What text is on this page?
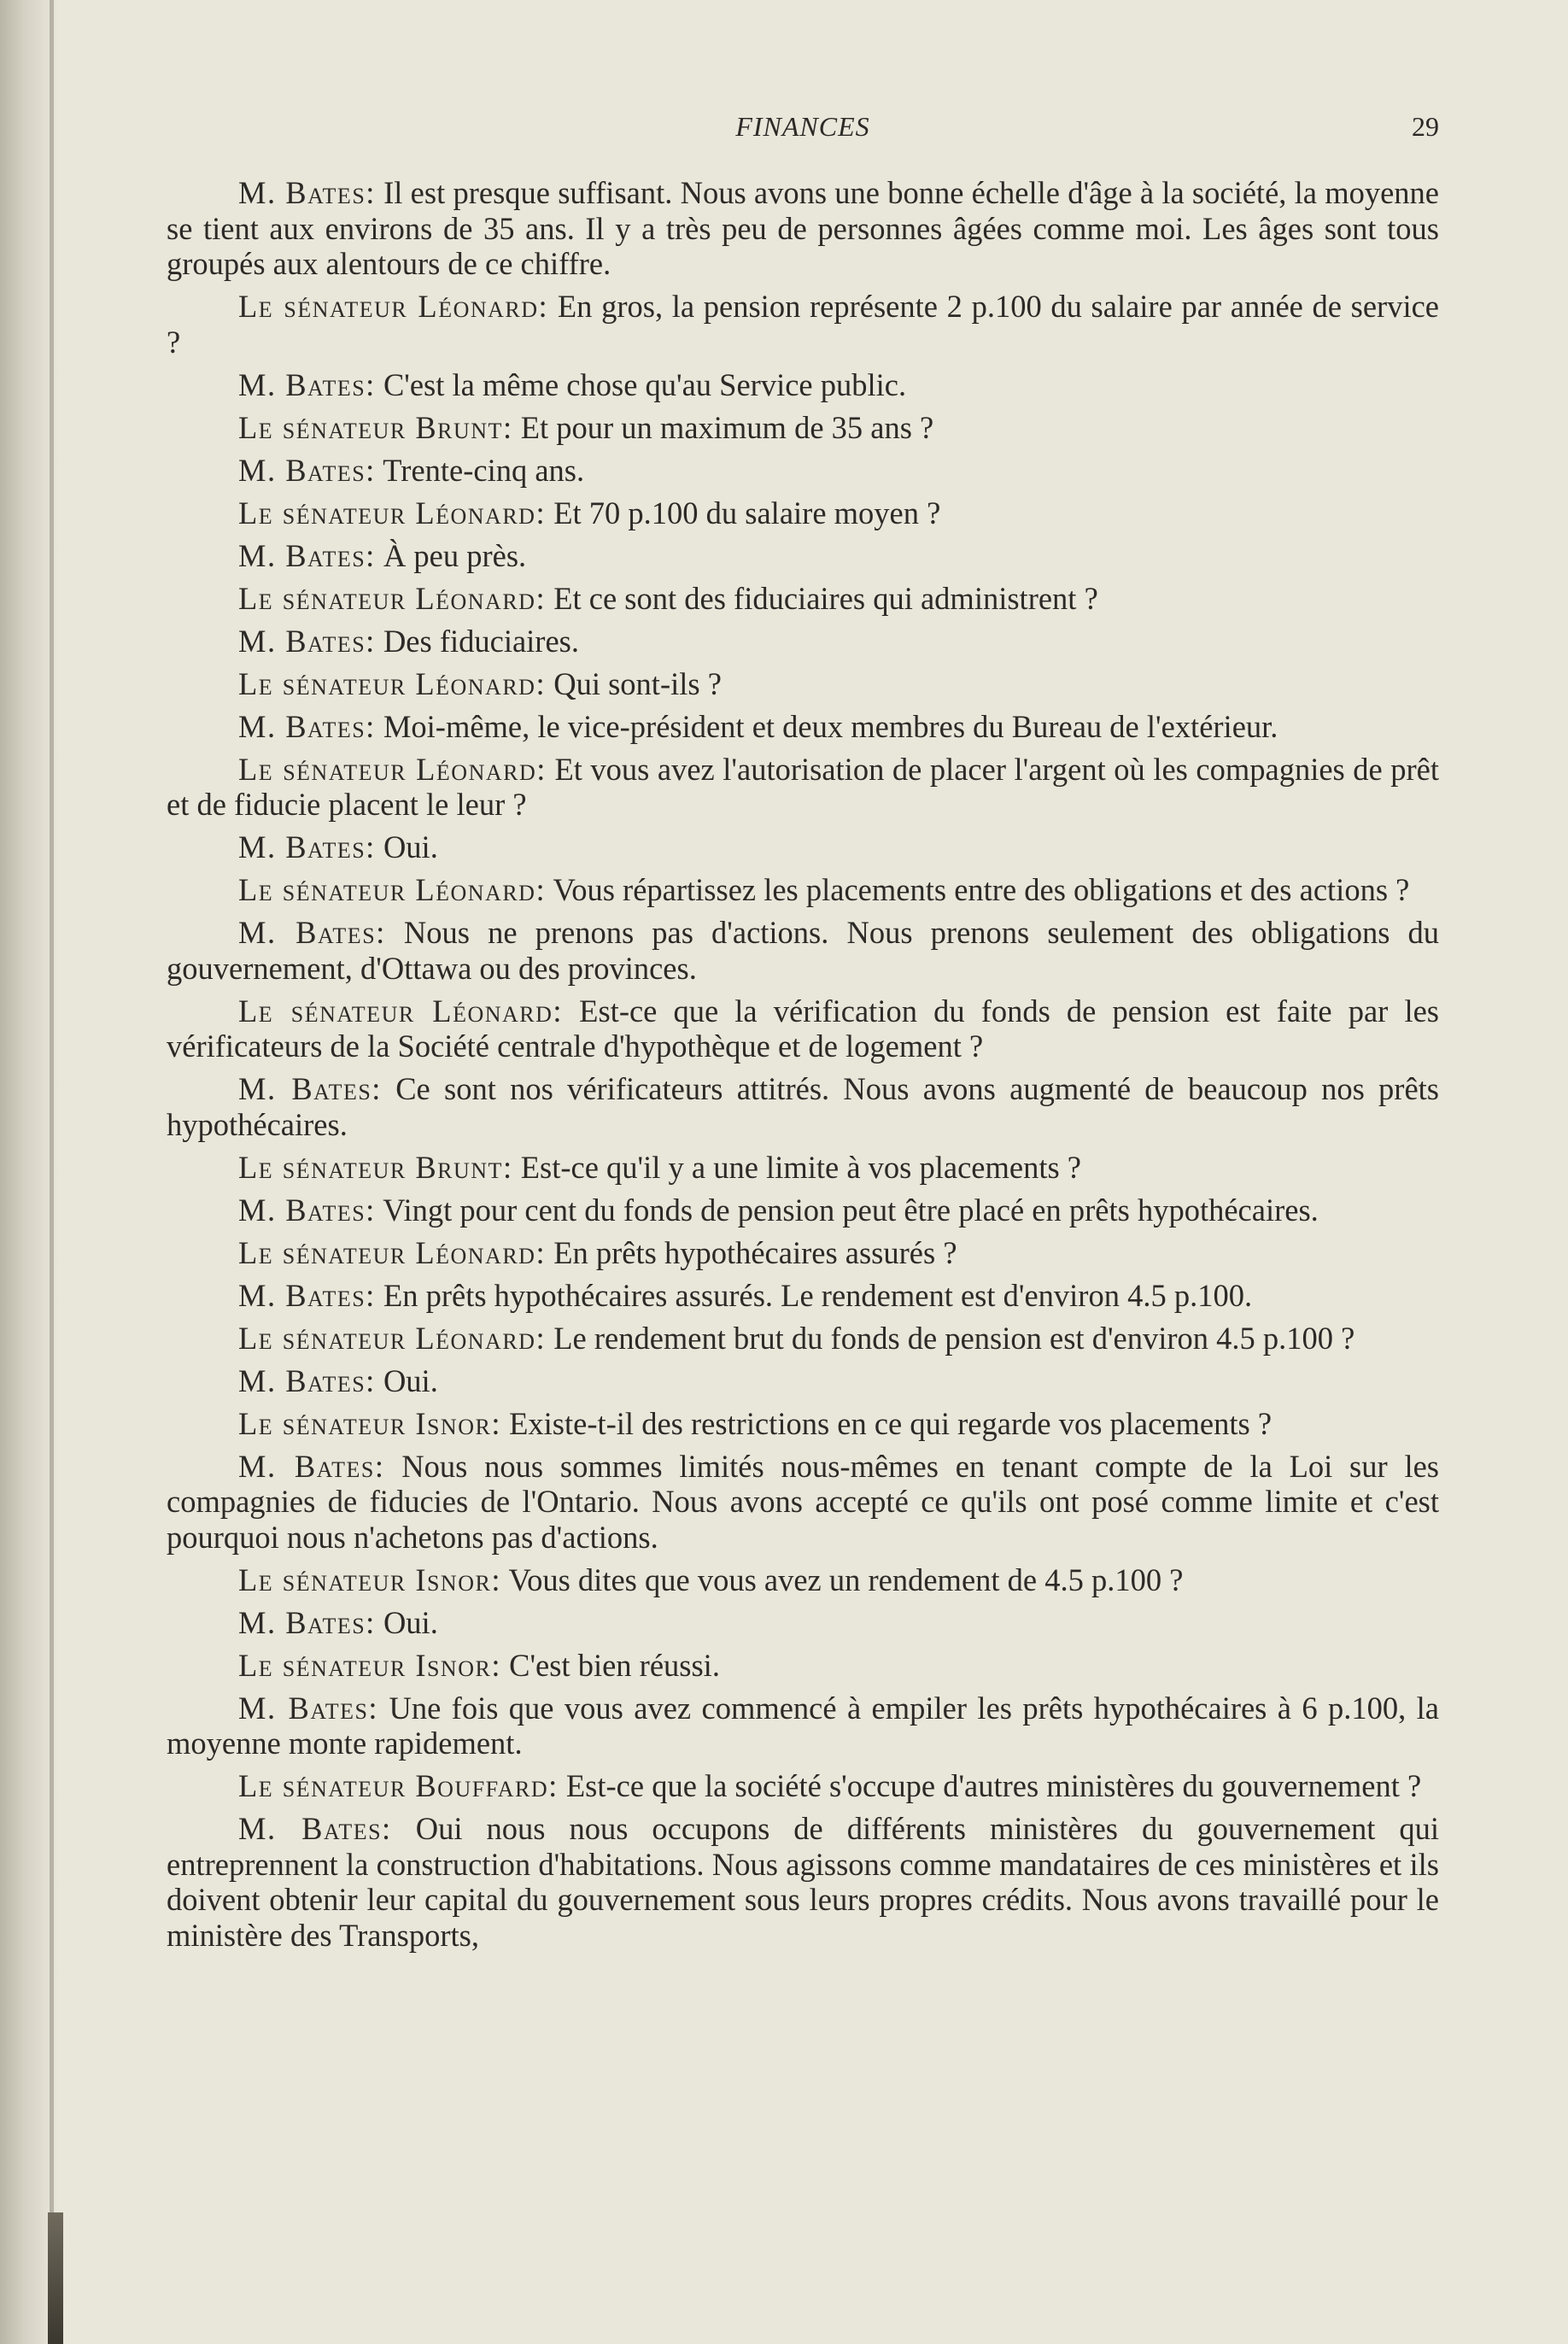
FINANCES	29

M. Bates: Il est presque suffisant. Nous avons une bonne échelle d'âge à la société, la moyenne se tient aux environs de 35 ans. Il y a très peu de personnes âgées comme moi. Les âges sont tous groupés aux alentours de ce chiffre.

Le sénateur Léonard: En gros, la pension représente 2 p.100 du salaire par année de service ?

M. Bates: C'est la même chose qu'au Service public.

Le sénateur Brunt: Et pour un maximum de 35 ans ?

M. Bates: Trente-cinq ans.

Le sénateur Léonard: Et 70 p.100 du salaire moyen ?

M. Bates: À peu près.

Le sénateur Léonard: Et ce sont des fiduciaires qui administrent ?

M. Bates: Des fiduciaires.

Le sénateur Léonard: Qui sont-ils ?

M. Bates: Moi-même, le vice-président et deux membres du Bureau de l'extérieur.

Le sénateur Léonard: Et vous avez l'autorisation de placer l'argent où les compagnies de prêt et de fiducie placent le leur ?

M. Bates: Oui.

Le sénateur Léonard: Vous répartissez les placements entre des obligations et des actions ?

M. Bates: Nous ne prenons pas d'actions. Nous prenons seulement des obligations du gouvernement, d'Ottawa ou des provinces.

Le sénateur Léonard: Est-ce que la vérification du fonds de pension est faite par les vérificateurs de la Société centrale d'hypothèque et de logement ?

M. Bates: Ce sont nos vérificateurs attitrés. Nous avons augmenté de beaucoup nos prêts hypothécaires.

Le sénateur Brunt: Est-ce qu'il y a une limite à vos placements ?

M. Bates: Vingt pour cent du fonds de pension peut être placé en prêts hypothécaires.

Le sénateur Léonard: En prêts hypothécaires assurés ?

M. Bates: En prêts hypothécaires assurés. Le rendement est d'environ 4.5 p.100.

Le sénateur Léonard: Le rendement brut du fonds de pension est d'environ 4.5 p.100 ?

M. Bates: Oui.

Le sénateur Isnor: Existe-t-il des restrictions en ce qui regarde vos placements ?

M. Bates: Nous nous sommes limités nous-mêmes en tenant compte de la Loi sur les compagnies de fiducies de l'Ontario. Nous avons accepté ce qu'ils ont posé comme limite et c'est pourquoi nous n'achetons pas d'actions.

Le sénateur Isnor: Vous dites que vous avez un rendement de 4.5 p.100 ?

M. Bates: Oui.

Le sénateur Isnor: C'est bien réussi.

M. Bates: Une fois que vous avez commencé à empiler les prêts hypothécaires à 6 p.100, la moyenne monte rapidement.

Le sénateur Bouffard: Est-ce que la société s'occupe d'autres ministères du gouvernement ?

M. Bates: Oui nous nous occupons de différents ministères du gouvernement qui entreprennent la construction d'habitations. Nous agissons comme mandataires de ces ministères et ils doivent obtenir leur capital du gouvernement sous leurs propres crédits. Nous avons travaillé pour le ministère des Transports,
